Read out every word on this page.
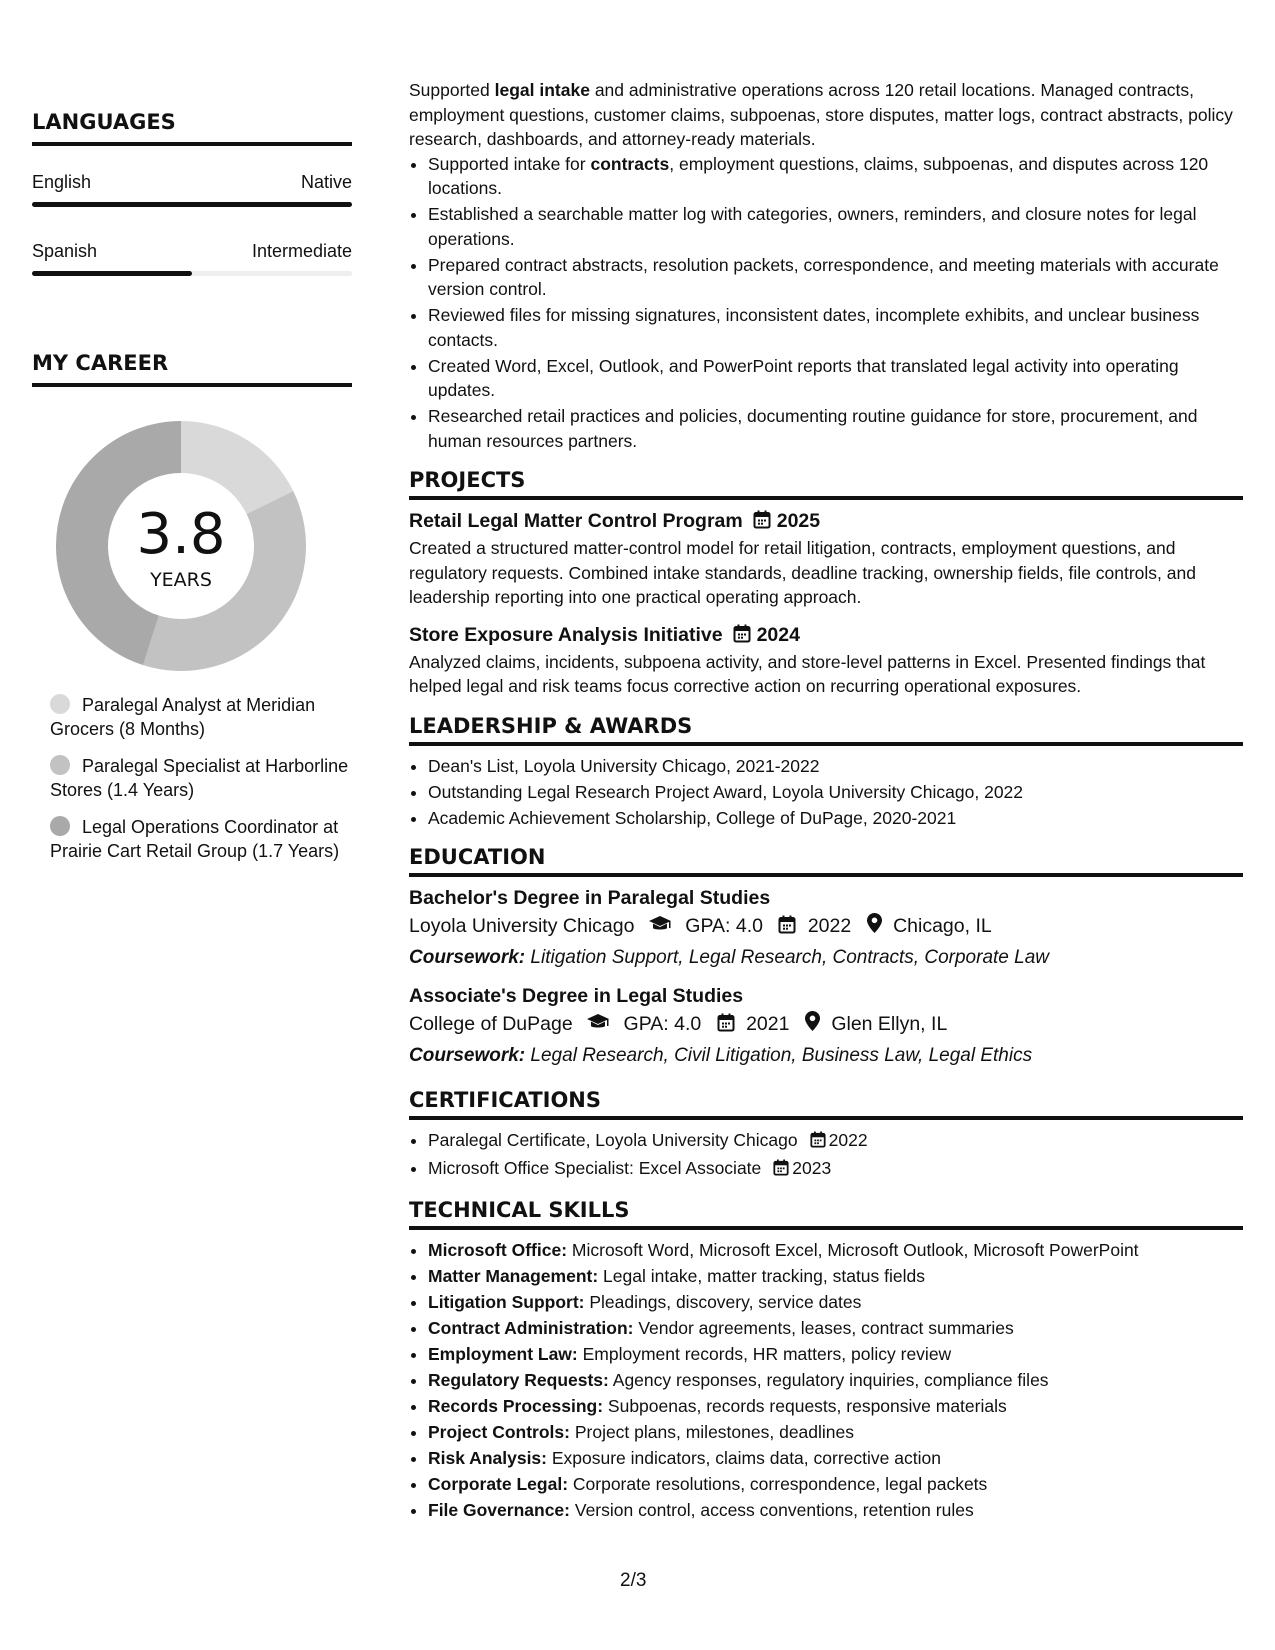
LANGUAGES
English	Native
Spanish	Intermediate
MY CAREER
3.8
YEARS
Paralegal Analyst at Meridian Grocers (8 Months)
Paralegal Specialist at Harborline Stores (1.4 Years)
Legal Operations Coordinator at Prairie Cart Retail Group (1.7 Years)

Supported legal intake and administrative operations across 120 retail locations. Managed contracts, employment questions, customer claims, subpoenas, store disputes, matter logs, contract abstracts, policy research, dashboards, and attorney-ready materials.

• Supported intake for contracts, employment questions, claims, subpoenas, and disputes across 120 locations.
• Established a searchable matter log with categories, owners, reminders, and closure notes for legal operations.
• Prepared contract abstracts, resolution packets, correspondence, and meeting materials with accurate version control.
• Reviewed files for missing signatures, inconsistent dates, incomplete exhibits, and unclear business contacts.
• Created Word, Excel, Outlook, and PowerPoint reports that translated legal activity into operating updates.
• Researched retail practices and policies, documenting routine guidance for store, procurement, and human resources partners.
PROJECTS
Retail Legal Matter Control Program 2025

Created a structured matter-control model for retail litigation, contracts, employment questions, and regulatory requests. Combined intake standards, deadline tracking, ownership fields, file controls, and leadership reporting into one practical operating approach.

Store Exposure Analysis Initiative 2024

Analyzed claims, incidents, subpoena activity, and store-level patterns in Excel. Presented findings that helped legal and risk teams focus corrective action on recurring operational exposures.

LEADERSHIP & AWARDS
• Dean's List, Loyola University Chicago, 2021-2022
• Outstanding Legal Research Project Award, Loyola University Chicago, 2022
• Academic Achievement Scholarship, College of DuPage, 2020-2021
EDUCATION
Bachelor's Degree in Paralegal Studies
Loyola University Chicago	GPA: 4.0 2022 Chicago, IL
Coursework: Litigation Support, Legal Research, Contracts, Corporate Law
Associate's Degree in Legal Studies
College of DuPage	GPA: 4.0 2021 Glen Ellyn, IL
Coursework: Legal Research, Civil Litigation, Business Law, Legal Ethics
CERTIFICATIONS
• Paralegal Certificate, Loyola University Chicago 2022
• Microsoft Office Specialist: Excel Associate 2023
TECHNICAL SKILLS
• Microsoft Office: Microsoft Word, Microsoft Excel, Microsoft Outlook, Microsoft PowerPoint
• Matter Management: Legal intake, matter tracking, status fields
• Litigation Support: Pleadings, discovery, service dates
• Contract Administration: Vendor agreements, leases, contract summaries
• Employment Law: Employment records, HR matters, policy review
• Regulatory Requests: Agency responses, regulatory inquiries, compliance files
• Records Processing: Subpoenas, records requests, responsive materials
• Project Controls: Project plans, milestones, deadlines
• Risk Analysis: Exposure indicators, claims data, corrective action
• Corporate Legal: Corporate resolutions, correspondence, legal packets
• File Governance: Version control, access conventions, retention rules
2/3
